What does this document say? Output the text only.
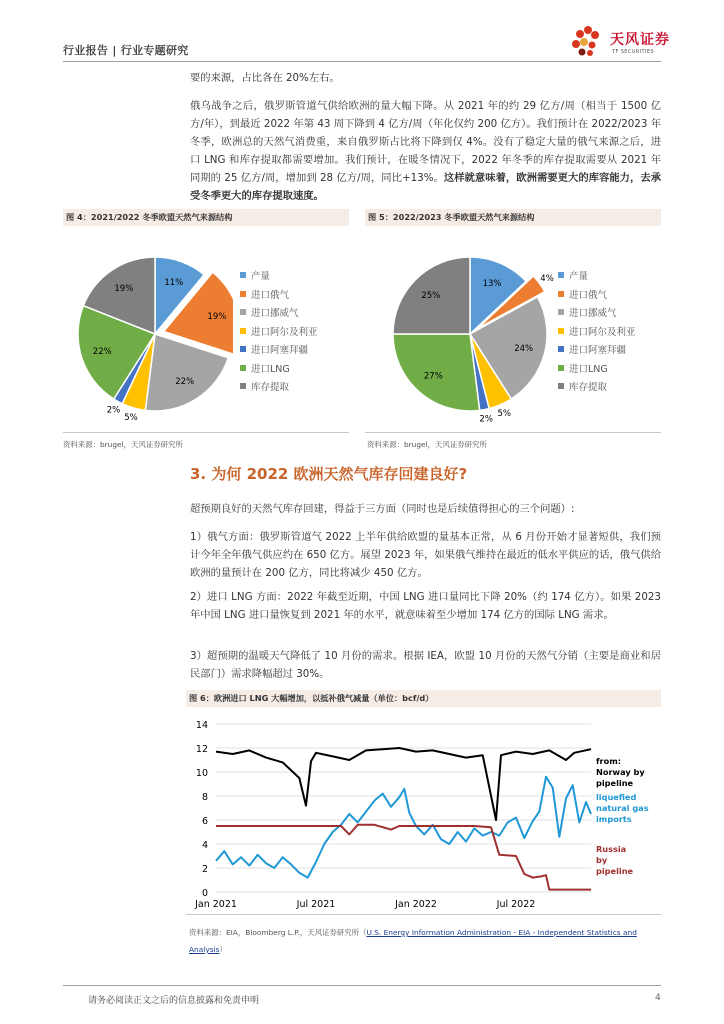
行业报告 | 行业专题研究
天风证券
TF SECURITIES
要的来源，占比各在 20%左右。
俄乌战争之后，俄罗斯管道气供给欧洲的量大幅下降。从 2021 年的约 29 亿方/周（相当于 1500 亿方/年），到最近 2022 年第 43 周下降到 4 亿方/周（年化仅约 200 亿方）。我们预计在 2022/2023 年冬季，欧洲总的天然气消费重，来自俄罗斯占比将下降到仅 4%。没有了稳定大量的俄气来源之后，进口 LNG 和库存提取都需要增加。我们预计，在暖冬情况下，2022 年冬季的库存提取需要从 2021 年同期的 25 亿方/周，增加到 28 亿方/周，同比+13%。这样就意味着，欧洲需要更大的库容能力，去承受冬季更大的库存提取速度。
图 4：2021/2022 冬季欧盟天然气来源结构
11%
19%
22%
5%
2%
22%
19%
产量
进口俄气
进口挪威气
进口阿尔及利亚
进口阿塞拜疆
进口LNG
库存提取
资料来源：brugel，天风证券研究所
图 5：2022/2023 冬季欧盟天然气来源结构
13%
4%
24%
5%
2%
27%
25%
产量
进口俄气
进口挪威气
进口阿尔及利亚
进口阿塞拜疆
进口LNG
库存提取
资料来源：brugel，天风证券研究所
3. 为何 2022 欧洲天然气库存回建良好?
超预期良好的天然气库存回建，得益于三方面（同时也是后续值得担心的三个问题）:
1）俄气方面：俄罗斯管道气 2022 上半年供给欧盟的量基本正常，从 6 月份开始才显著短供，我们预计今年全年俄气供应约在 650 亿方。展望 2023 年，如果俄气维持在最近的低水平供应的话，俄气供给欧洲的量预计在 200 亿方，同比将减少 450 亿方。
2）进口 LNG 方面：2022 年截至近期，中国 LNG 进口量同比下降 20%（约 174 亿方）。如果 2023 年中国 LNG 进口量恢复到 2021 年的水平，就意味着至少增加 174 亿方的国际 LNG 需求。
3）超预期的温暖天气降低了 10 月份的需求。根据 IEA，欧盟 10 月份的天然气分销（主要是商业和居民部门）需求降幅超过 30%。
图 6：欧洲进口 LNG 大幅增加，以抵补俄气减量（单位：bcf/d）
0
2
4
6
8
10
12
14
Jan 2021	Jul 2021	Jan 2022	Jul 2022
from: Norway by pipeline
liquefied natural gas imports
Russia by pipeline
资料来源：EIA，Bloomberg L.P.，天风证券研究所（U.S. Energy Information Administration - EIA - Independent Statistics and Analysis）
请务必阅读正文之后的信息披露和免责申明	4
